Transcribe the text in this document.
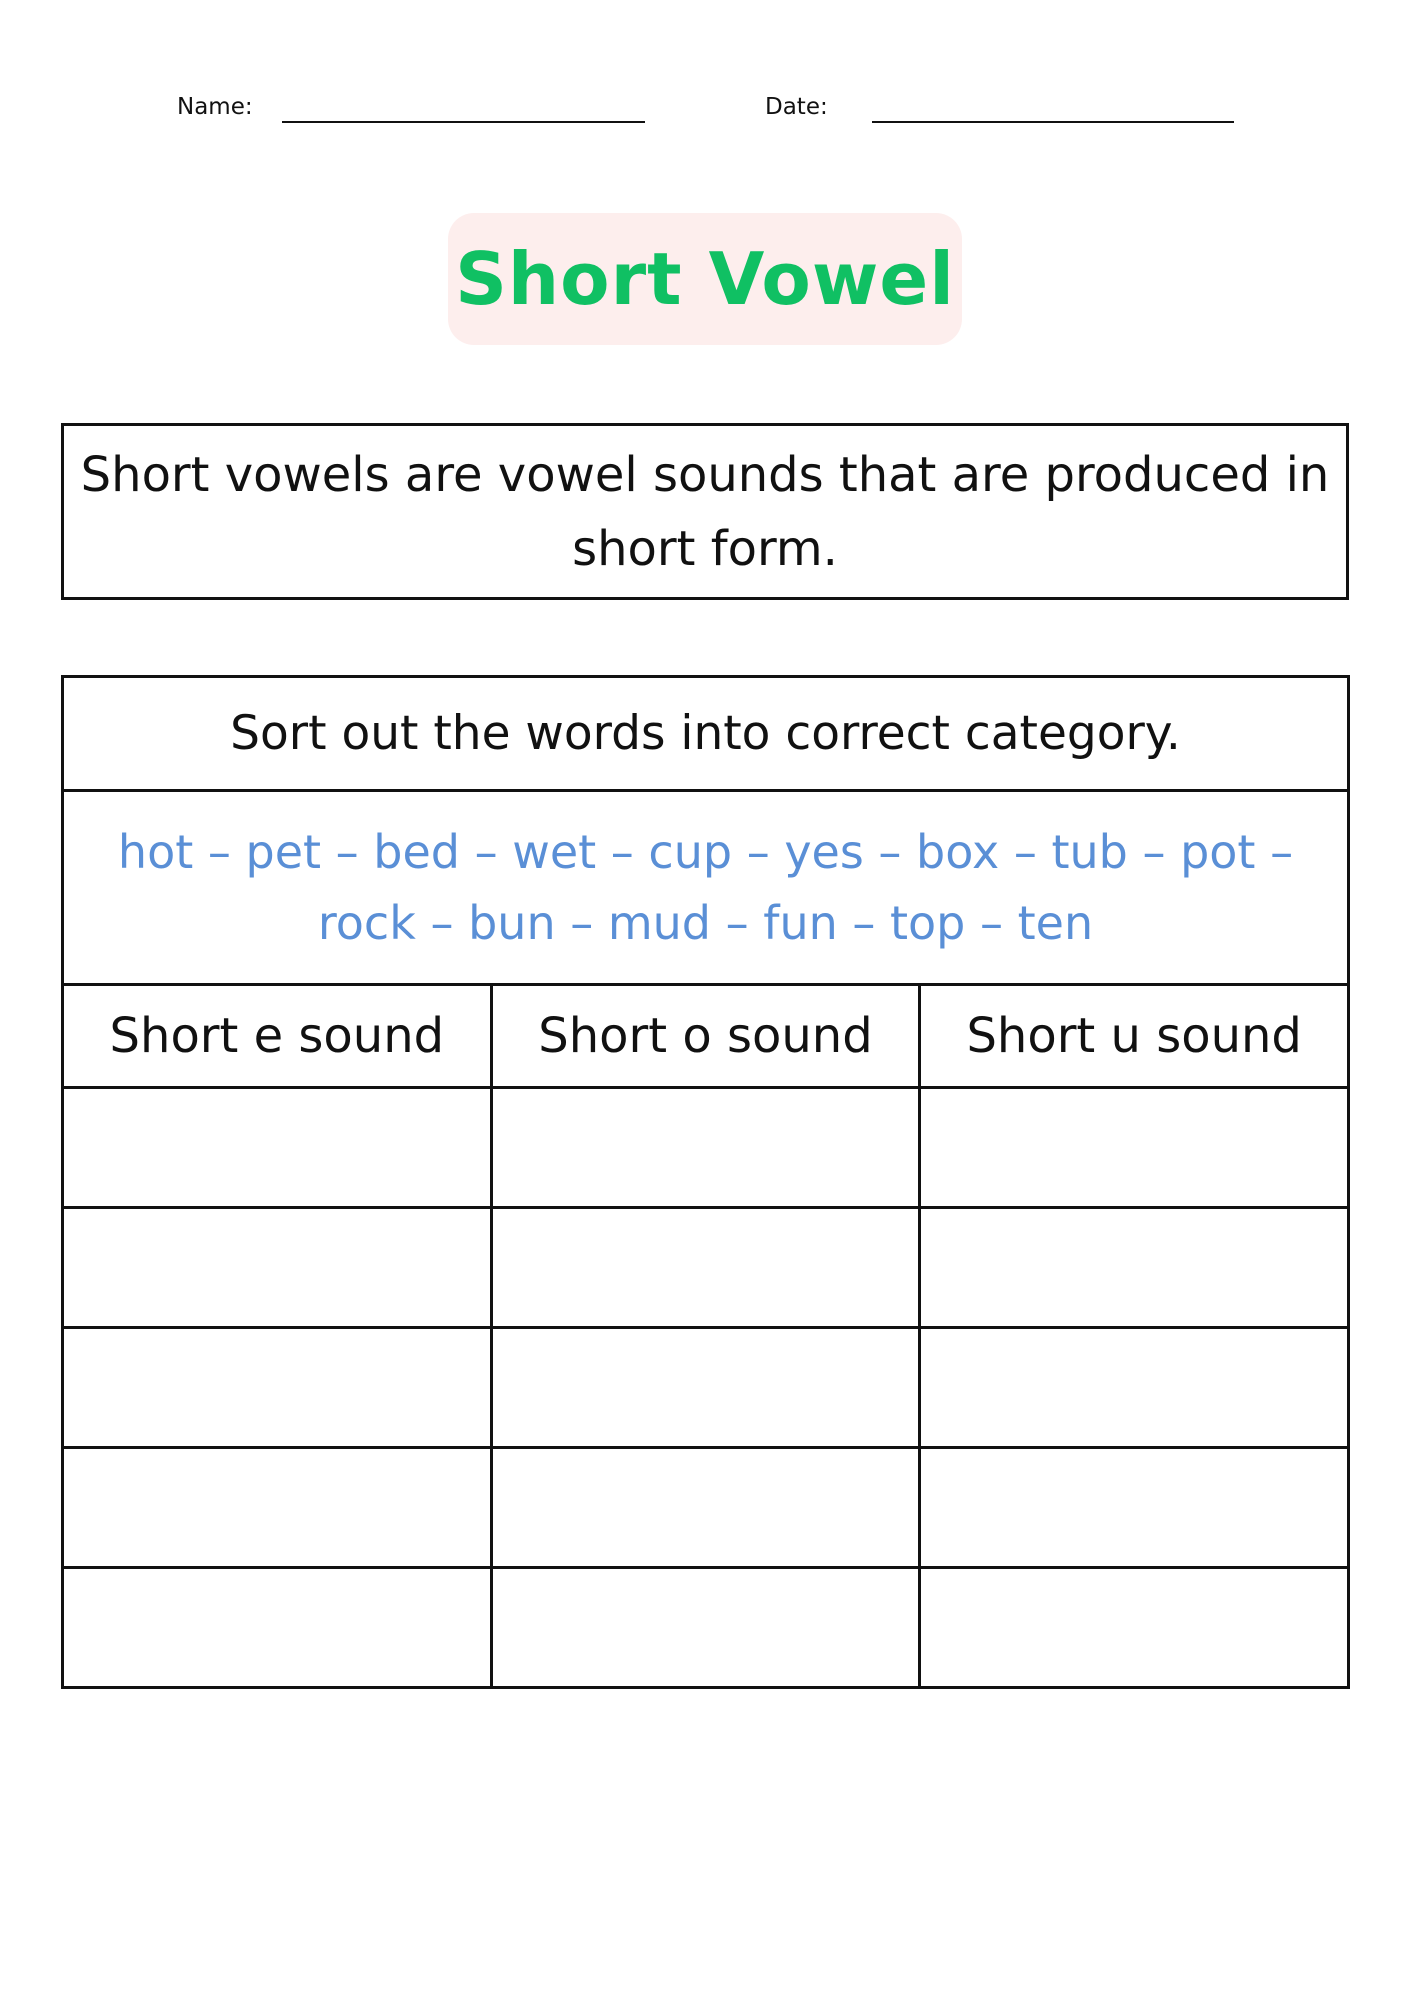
Name:	Date:
Short Vowel
Short vowels are vowel sounds that are produced in short form.
Sort out the words into correct category.		
hot – pet – bed – wet – cup – yes – box – tub – pot – rock – bun – mud – fun – top – ten		
Short e sound	Short o sound	Short u sound
